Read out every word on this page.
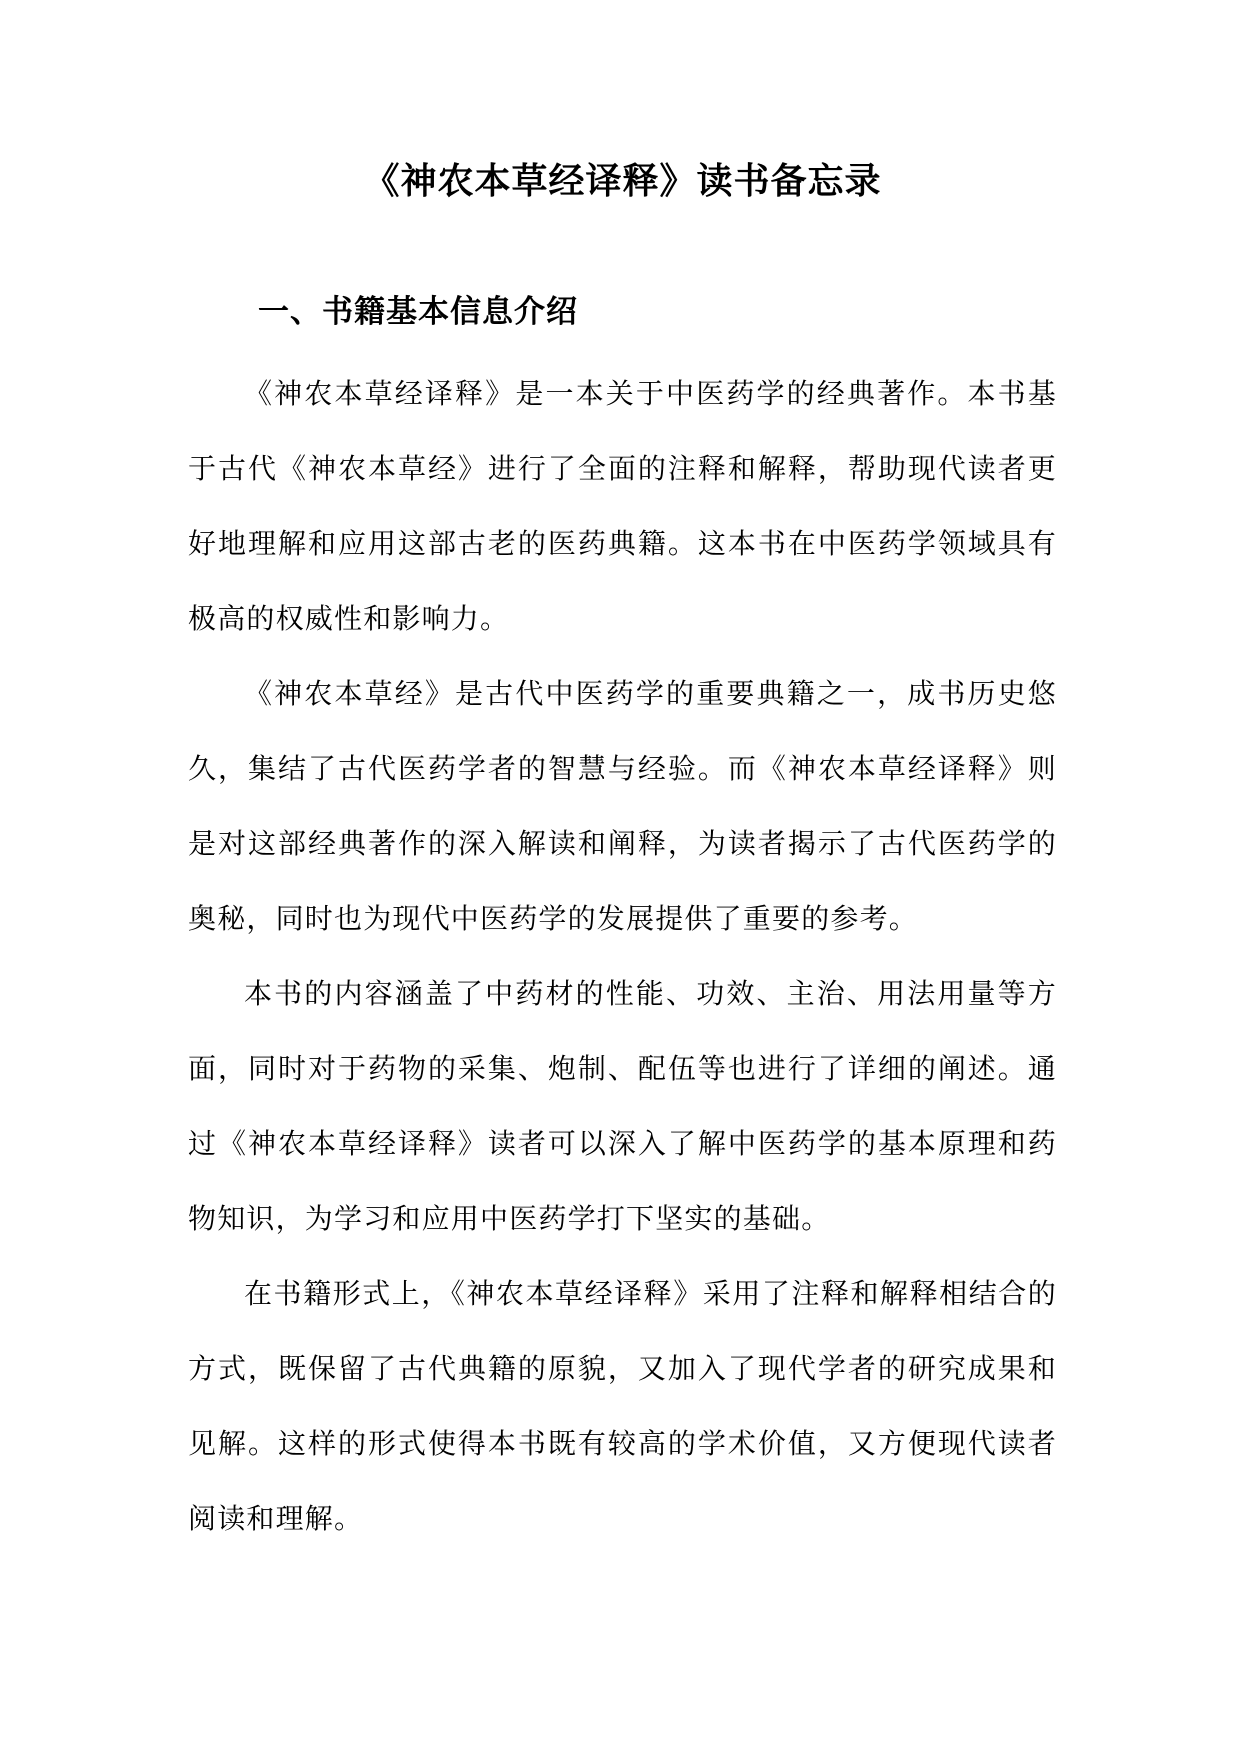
《神农本草经译释》读书备忘录
一、书籍基本信息介绍

《神农本草经译释》是一本关于中医药学的经典著作。本书基于古代《神农本草经》进行了全面的注释和解释，帮助现代读者更好地理解和应用这部古老的医药典籍。这本书在中医药学领域具有极高的权威性和影响力。

《神农本草经》是古代中医药学的重要典籍之一，成书历史悠久，集结了古代医药学者的智慧与经验。而《神农本草经译释》则是对这部经典著作的深入解读和阐释，为读者揭示了古代医药学的奥秘，同时也为现代中医药学的发展提供了重要的参考。

本书的内容涵盖了中药材的性能、功效、主治、用法用量等方面，同时对于药物的采集、炮制、配伍等也进行了详细的阐述。通过《神农本草经译释》读者可以深入了解中医药学的基本原理和药物知识，为学习和应用中医药学打下坚实的基础。

在书籍形式上，《神农本草经译释》采用了注释和解释相结合的方式，既保留了古代典籍的原貌，又加入了现代学者的研究成果和见解。这样的形式使得本书既有较高的学术价值，又方便现代读者阅读和理解。
